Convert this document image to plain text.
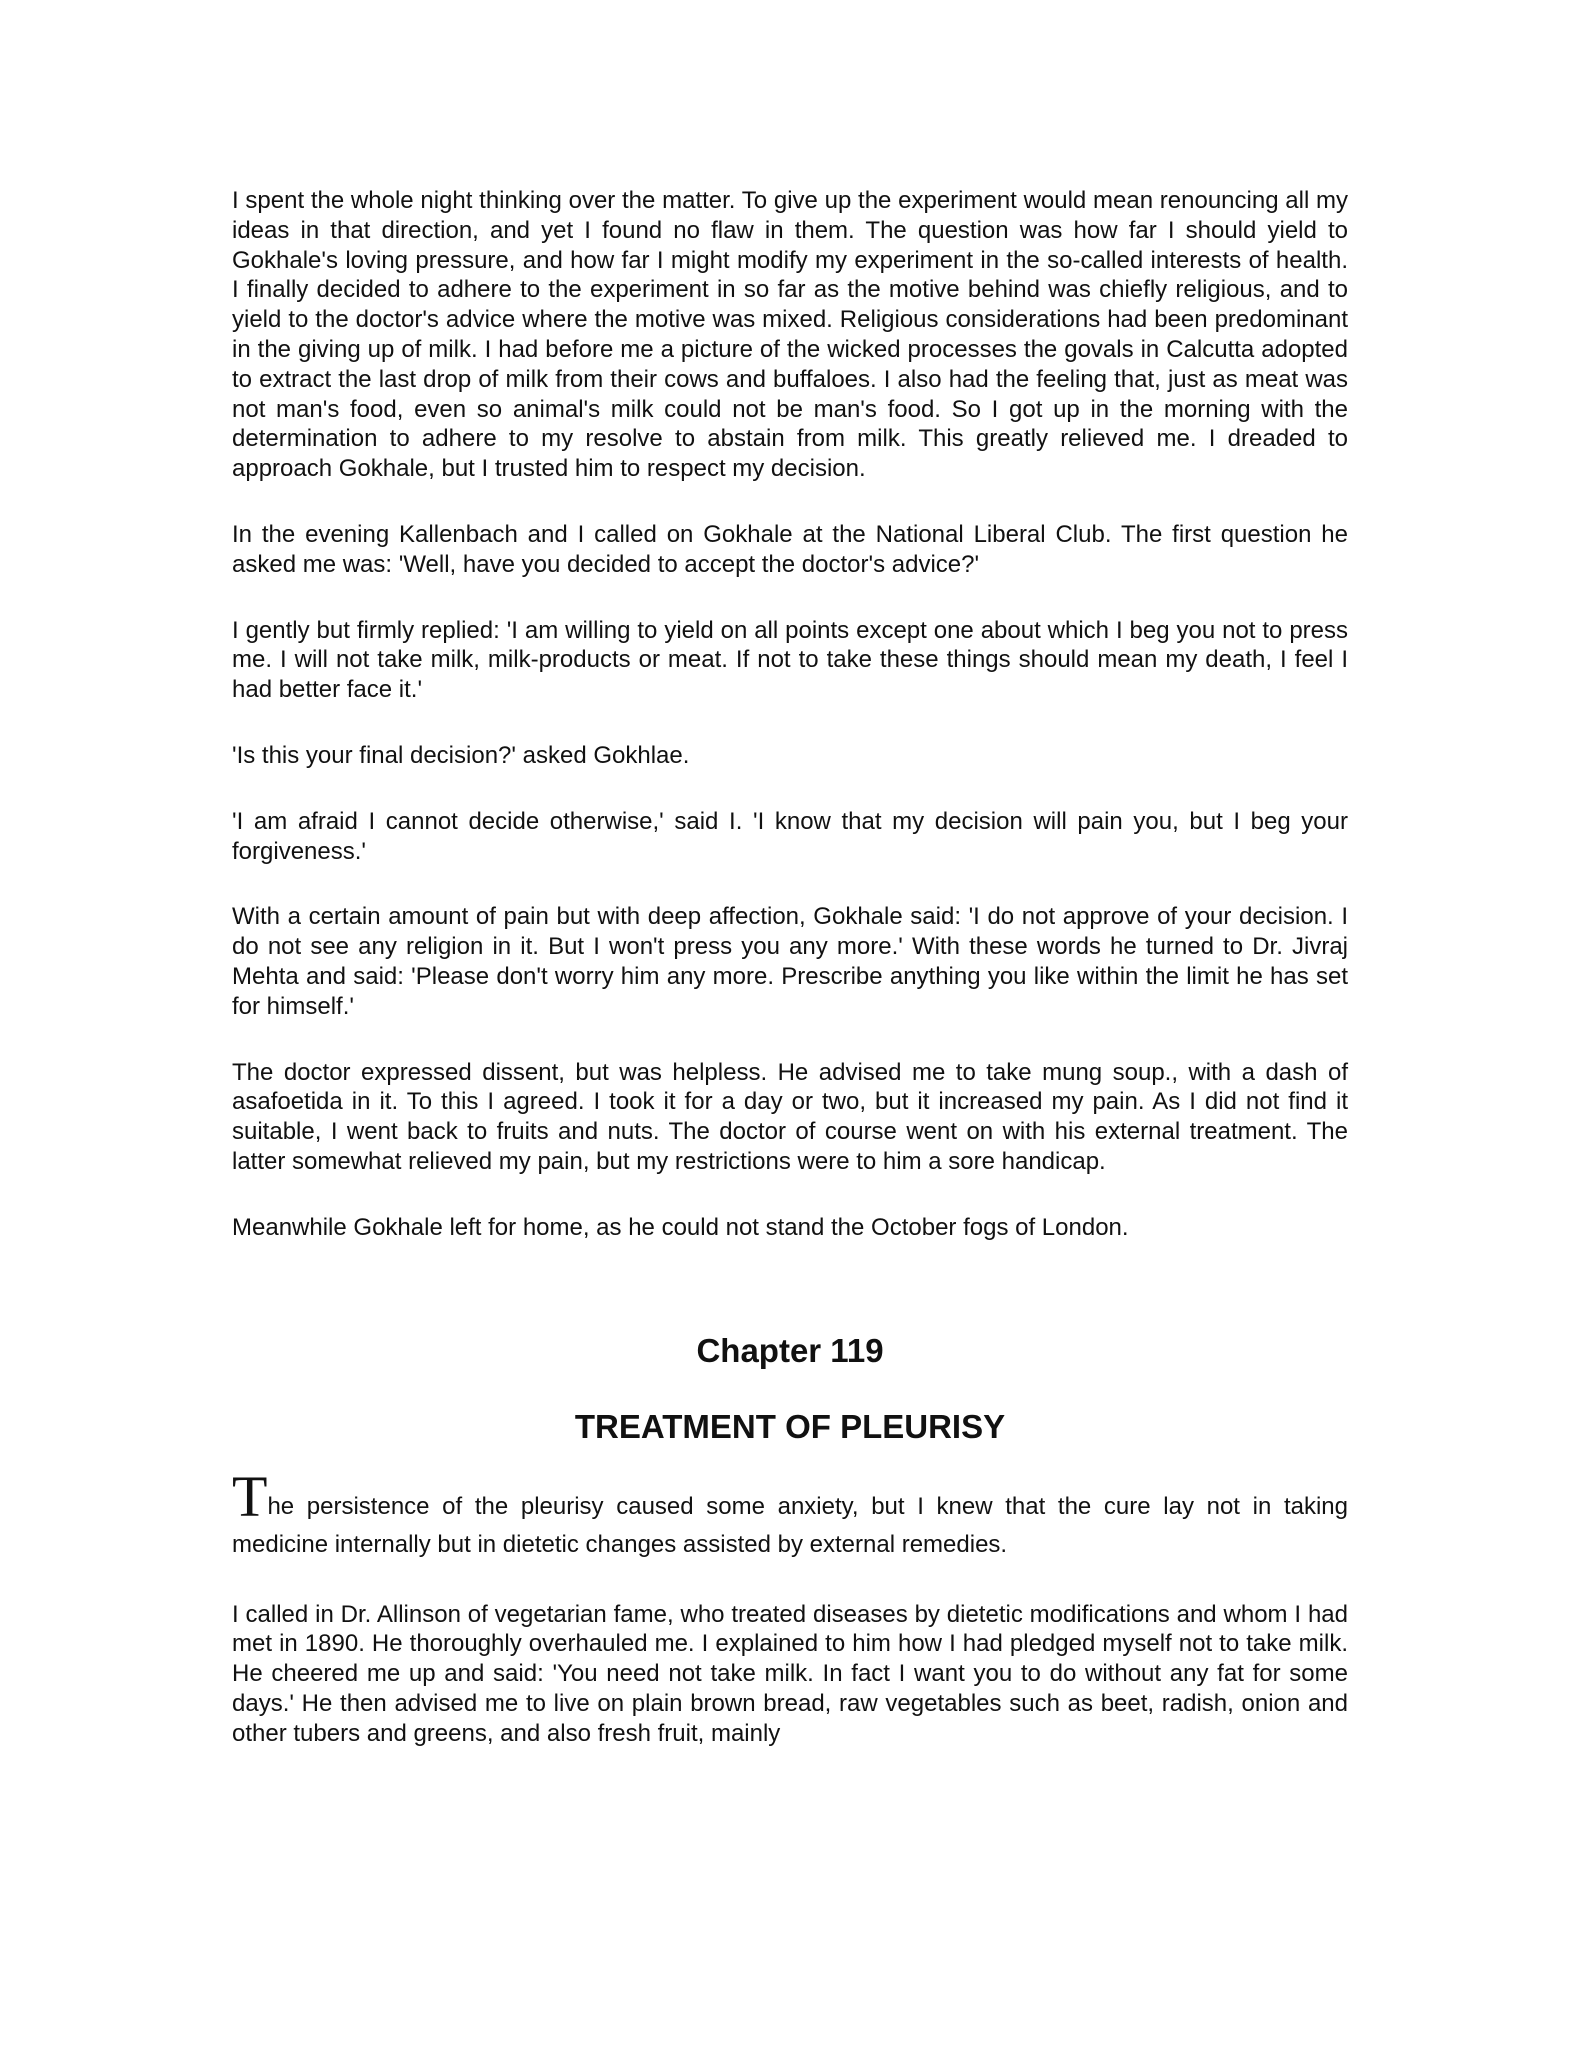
I spent the whole night thinking over the matter. To give up the experiment would mean renouncing all my ideas in that direction, and yet I found no flaw in them. The question was how far I should yield to Gokhale's loving pressure, and how far I might modify my experiment in the so-called interests of health. I finally decided to adhere to the experiment in so far as the motive behind was chiefly religious, and to yield to the doctor's advice where the motive was mixed. Religious considerations had been predominant in the giving up of milk. I had before me a picture of the wicked processes the govals in Calcutta adopted to extract the last drop of milk from their cows and buffaloes. I also had the feeling that, just as meat was not man's food, even so animal's milk could not be man's food. So I got up in the morning with the determination to adhere to my resolve to abstain from milk. This greatly relieved me. I dreaded to approach Gokhale, but I trusted him to respect my decision.

In the evening Kallenbach and I called on Gokhale at the National Liberal Club. The first question he asked me was: 'Well, have you decided to accept the doctor's advice?'

I gently but firmly replied: 'I am willing to yield on all points except one about which I beg you not to press me. I will not take milk, milk-products or meat. If not to take these things should mean my death, I feel I had better face it.'

'Is this your final decision?' asked Gokhlae.

'I am afraid I cannot decide otherwise,' said I. 'I know that my decision will pain you, but I beg your forgiveness.'

With a certain amount of pain but with deep affection, Gokhale said: 'I do not approve of your decision. I do not see any religion in it. But I won't press you any more.' With these words he turned to Dr. Jivraj Mehta and said: 'Please don't worry him any more. Prescribe anything you like within the limit he has set for himself.'

The doctor expressed dissent, but was helpless. He advised me to take mung soup., with a dash of asafoetida in it. To this I agreed. I took it for a day or two, but it increased my pain. As I did not find it suitable, I went back to fruits and nuts. The doctor of course went on with his external treatment. The latter somewhat relieved my pain, but my restrictions were to him a sore handicap.

Meanwhile Gokhale left for home, as he could not stand the October fogs of London.

Chapter 119
TREATMENT OF PLEURISY

The persistence of the pleurisy caused some anxiety, but I knew that the cure lay not in taking medicine internally but in dietetic changes assisted by external remedies.

I called in Dr. Allinson of vegetarian fame, who treated diseases by dietetic modifications and whom I had met in 1890. He thoroughly overhauled me. I explained to him how I had pledged myself not to take milk. He cheered me up and said: 'You need not take milk. In fact I want you to do without any fat for some days.' He then advised me to live on plain brown bread, raw vegetables such as beet, radish, onion and other tubers and greens, and also fresh fruit, mainly
